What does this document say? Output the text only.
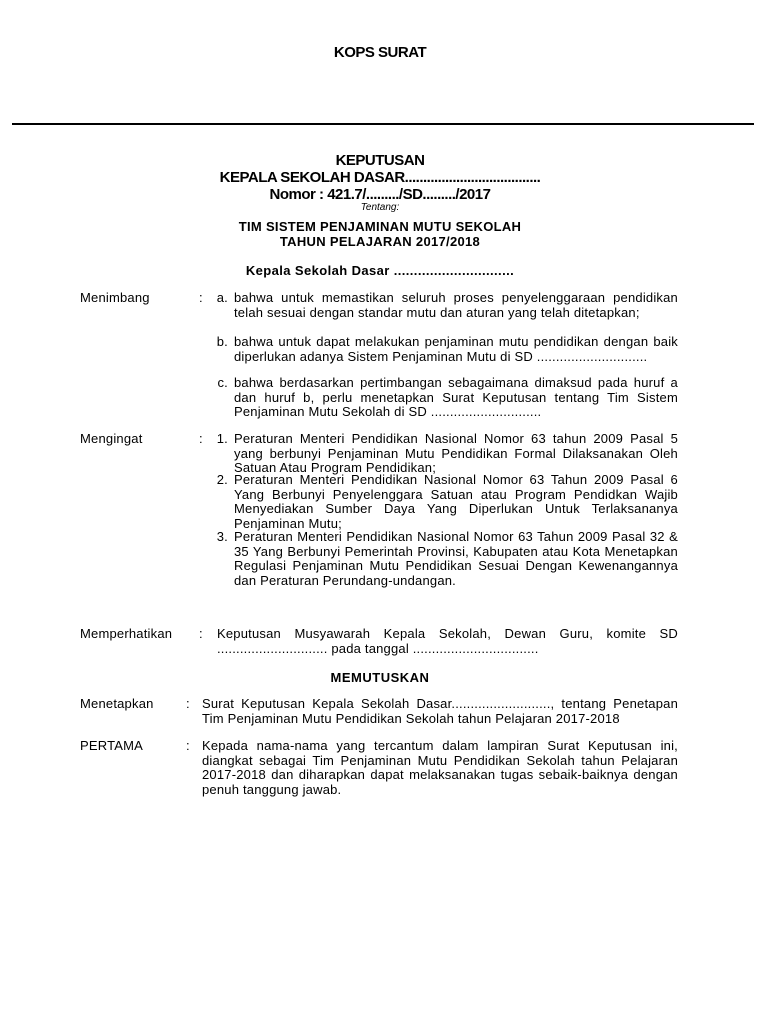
KOPS SURAT
KEPUTUSAN
KEPALA SEKOLAH DASAR.....................................
Nomor : 421.7/........./SD........./2017
Tentang:
TIM SISTEM PENJAMINAN MUTU SEKOLAH
TAHUN PELAJARAN 2017/2018
Kepala Sekolah Dasar ..............................
Menimbang	:	a. bahwa untuk memastikan seluruh proses penyelenggaraan pendidikan telah sesuai dengan standar mutu dan aturan yang telah ditetapkan;
b. bahwa untuk dapat melakukan penjaminan mutu pendidikan dengan baik diperlukan adanya Sistem Penjaminan Mutu di SD .............................
c. bahwa berdasarkan pertimbangan sebagaimana dimaksud pada huruf a dan huruf b, perlu menetapkan Surat Keputusan tentang Tim Sistem Penjaminan Mutu Sekolah di SD .............................
Mengingat	:	1. Peraturan Menteri Pendidikan Nasional Nomor 63 tahun 2009 Pasal 5 yang berbunyi Penjaminan Mutu Pendidikan Formal Dilaksanakan Oleh Satuan Atau Program Pendidikan;
2. Peraturan Menteri Pendidikan Nasional Nomor 63 Tahun 2009 Pasal 6 Yang Berbunyi Penyelenggara Satuan atau Program Pendidkan Wajib Menyediakan Sumber Daya Yang Diperlukan Untuk Terlaksananya Penjaminan Mutu;
3. Peraturan Menteri Pendidikan Nasional Nomor 63 Tahun 2009 Pasal 32 & 35 Yang Berbunyi Pemerintah Provinsi, Kabupaten atau Kota Menetapkan Regulasi Penjaminan Mutu Pendidikan Sesuai Dengan Kewenangannya dan Peraturan Perundang-undangan.
Memperhatikan : Keputusan Musyawarah Kepala Sekolah, Dewan Guru, komite SD ............................. pada tanggal .................................
MEMUTUSKAN
Menetapkan : Surat Keputusan Kepala Sekolah Dasar.........................., tentang Penetapan Tim Penjaminan Mutu Pendidikan Sekolah tahun Pelajaran 2017-2018
PERTAMA	: Kepada nama-nama yang tercantum dalam lampiran Surat Keputusan ini, diangkat sebagai Tim Penjaminan Mutu Pendidikan Sekolah tahun Pelajaran 2017-2018 dan diharapkan dapat melaksanakan tugas sebaik-baiknya dengan penuh tanggung jawab.
